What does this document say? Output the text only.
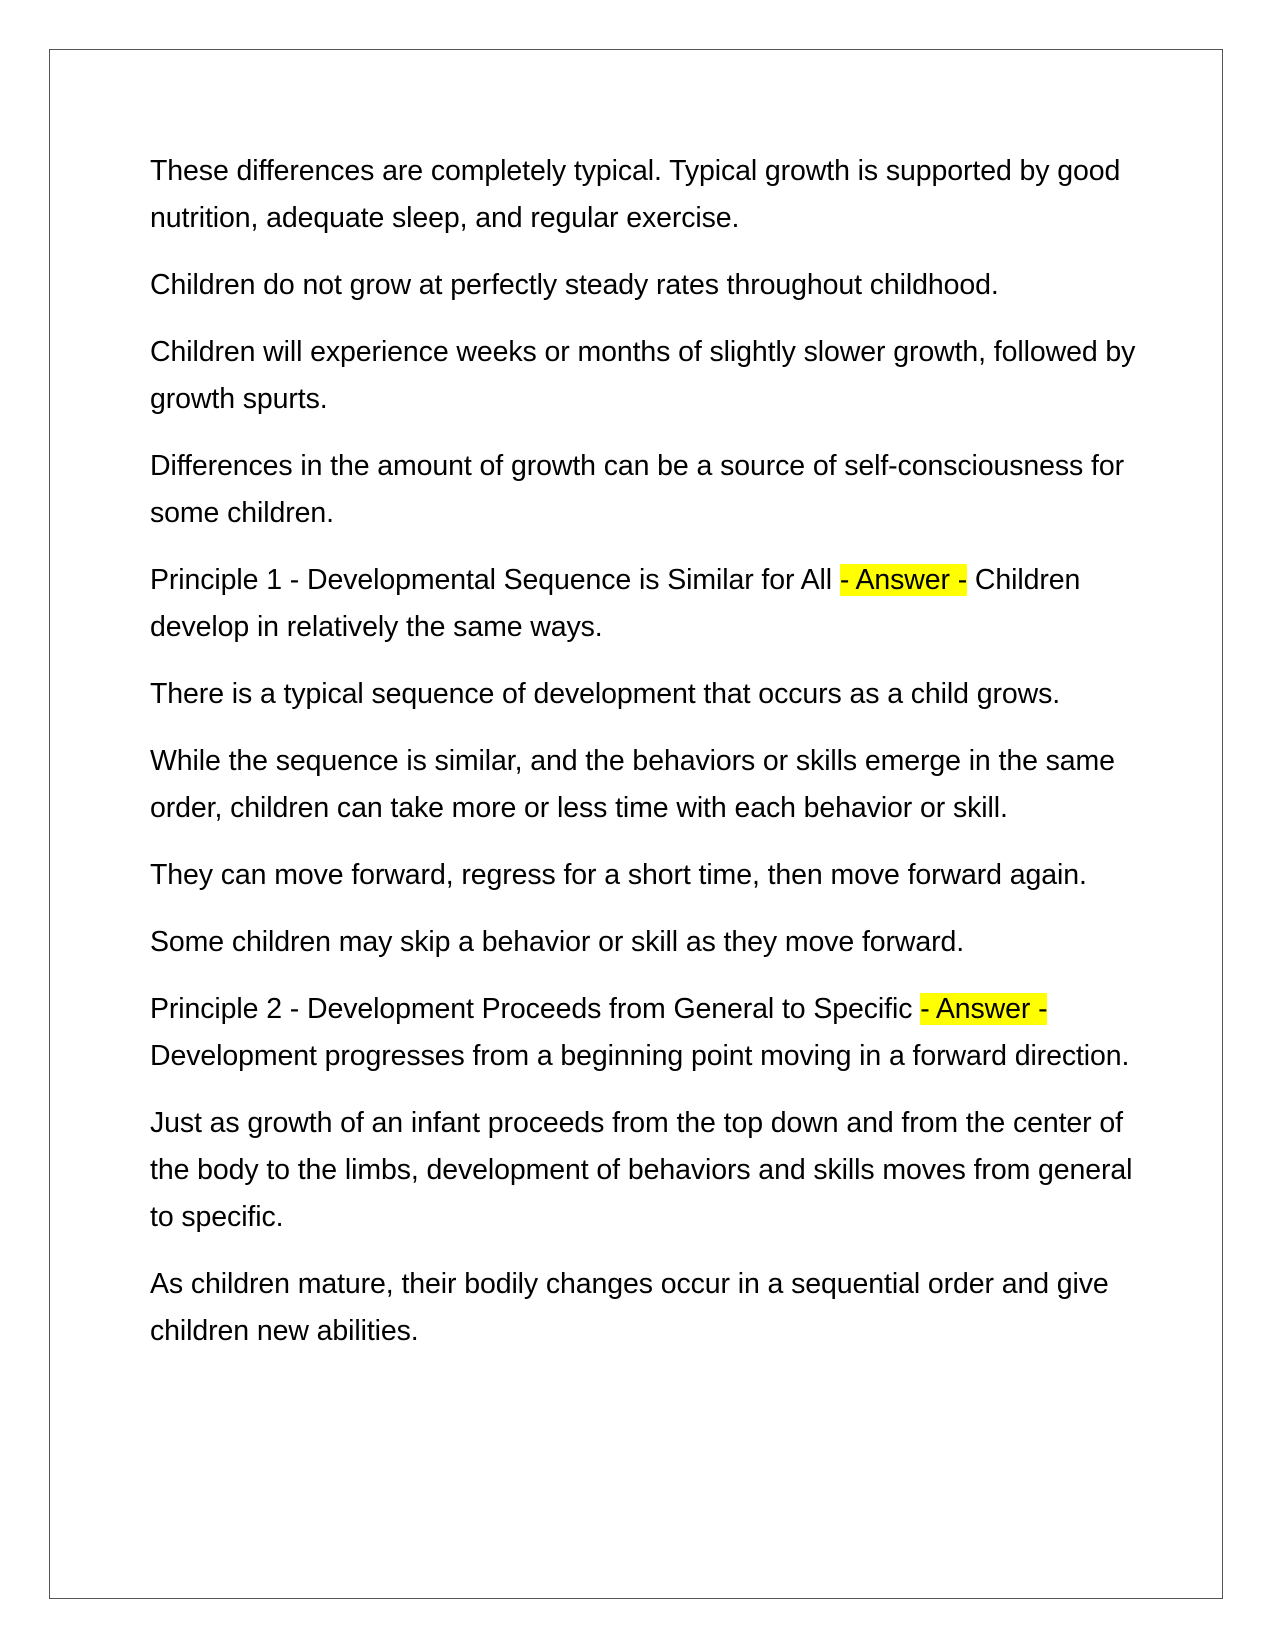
These differences are completely typical. Typical growth is supported by good nutrition, adequate sleep, and regular exercise.

Children do not grow at perfectly steady rates throughout childhood.

Children will experience weeks or months of slightly slower growth, followed by growth spurts.

Differences in the amount of growth can be a source of self-consciousness for some children.

Principle 1 - Developmental Sequence is Similar for All - Answer - Children develop in relatively the same ways.

There is a typical sequence of development that occurs as a child grows.

While the sequence is similar, and the behaviors or skills emerge in the same order, children can take more or less time with each behavior or skill.

They can move forward, regress for a short time, then move forward again.

Some children may skip a behavior or skill as they move forward.

Principle 2 - Development Proceeds from General to Specific - Answer - Development progresses from a beginning point moving in a forward direction.

Just as growth of an infant proceeds from the top down and from the center of the body to the limbs, development of behaviors and skills moves from general to specific.

As children mature, their bodily changes occur in a sequential order and give children new abilities.
